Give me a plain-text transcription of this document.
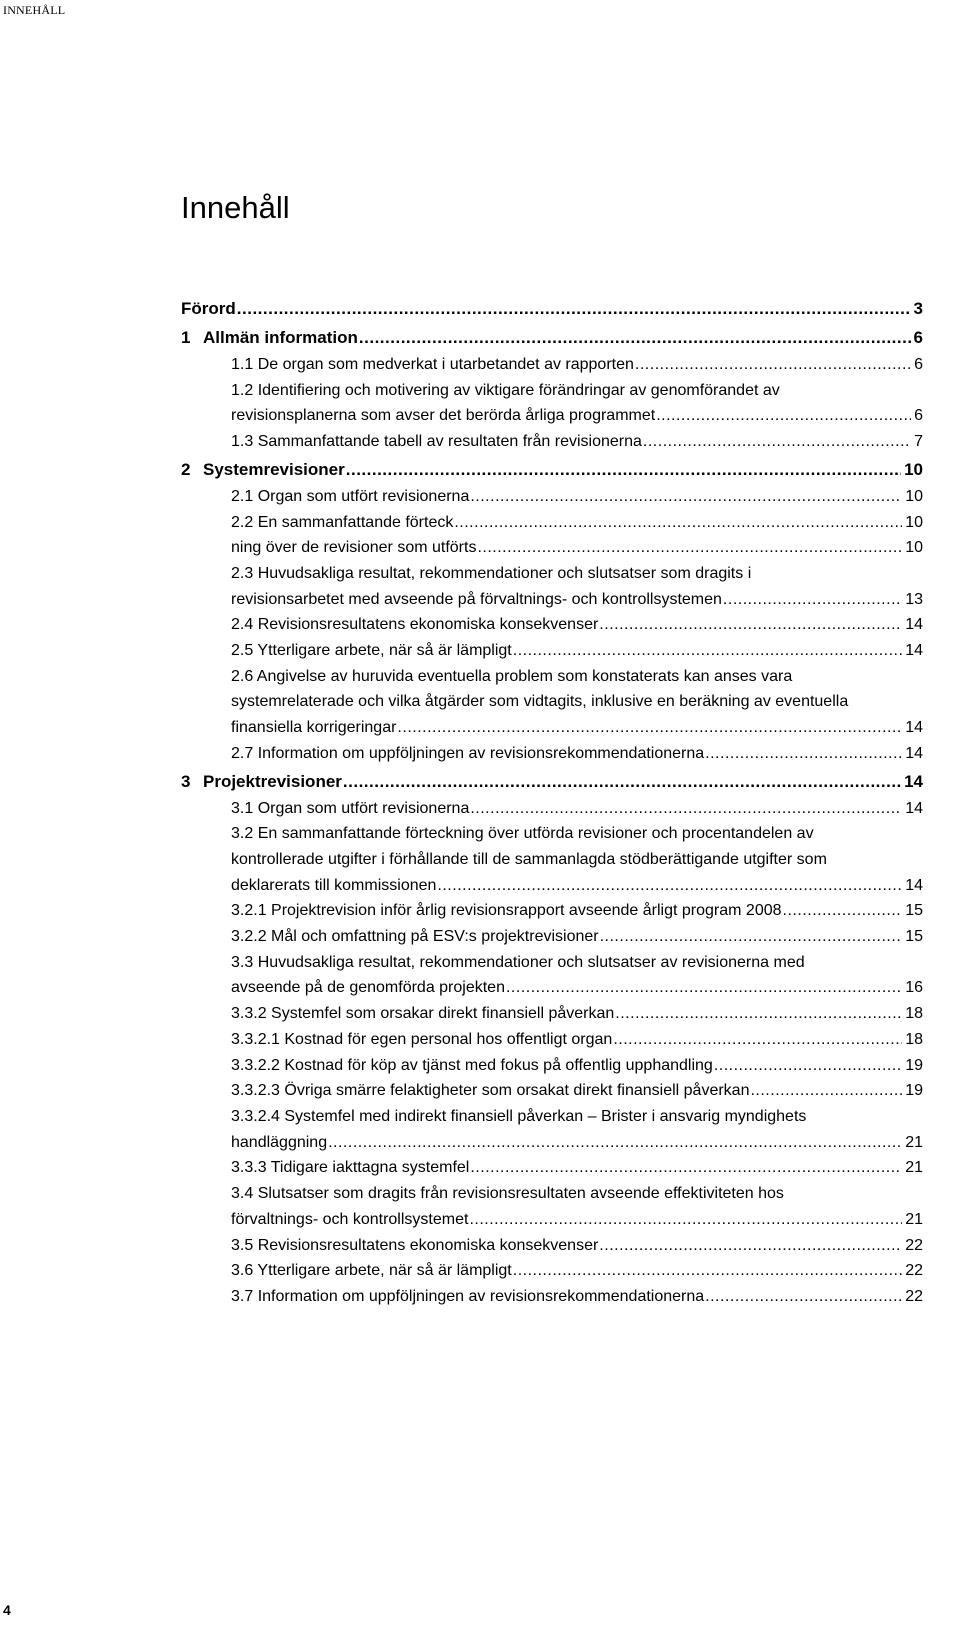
INNEHÅLL
Innehåll
Förord .....	3
1 Allmän information .....	6
1.1 De organ som medverkat i utarbetandet av rapporten .....	6
1.2 Identifiering och motivering av viktigare förändringar av genomförandet av
revisionsplanerna som avser det berörda årliga programmet .....	6
1.3 Sammanfattande tabell av resultaten från revisionerna .....	7
2 Systemrevisioner .....	10
2.1 Organ som utfört revisionerna .....	10
2.2 En sammanfattande förteck .....	10
ning över de revisioner som utförts .....	10
2.3 Huvudsakliga resultat, rekommendationer och slutsatser som dragits i
revisionsarbetet med avseende på förvaltnings- och kontrollsystemen .....	13
2.4 Revisionsresultatens ekonomiska konsekvenser .....	14
2.5 Ytterligare arbete, när så är lämpligt .....	14
2.6 Angivelse av huruvida eventuella problem som konstaterats kan anses vara
systemrelaterade och vilka åtgärder som vidtagits, inklusive en beräkning av eventuella
finansiella korrigeringar .....	14
2.7 Information om uppföljningen av revisionsrekommendationerna .....	14
3 Projektrevisioner .....	14
3.1 Organ som utfört revisionerna .....	14
3.2 En sammanfattande förteckning över utförda revisioner och procentandelen av
kontrollerade utgifter i förhållande till de sammanlagda stödberättigande utgifter som
deklarerats till kommissionen .....	14
3.2.1 Projektrevision inför årlig revisionsrapport avseende årligt program 2008 .....	15
3.2.2 Mål och omfattning på ESV:s projektrevisioner .....	15
3.3 Huvudsakliga resultat, rekommendationer och slutsatser av revisionerna med
avseende på de genomförda projekten .....	16
3.3.2 Systemfel som orsakar direkt finansiell påverkan .....	18
3.3.2.1 Kostnad för egen personal hos offentligt organ .....	18
3.3.2.2 Kostnad för köp av tjänst med fokus på offentlig upphandling .....	19
3.3.2.3 Övriga smärre felaktigheter som orsakat direkt finansiell påverkan .....	19
3.3.2.4 Systemfel med indirekt finansiell påverkan – Brister i ansvarig myndighets
handläggning .....	21
3.3.3 Tidigare iakttagna systemfel .....	21
3.4 Slutsatser som dragits från revisionsresultaten avseende effektiviteten hos
förvaltnings- och kontrollsystemet .....	21
3.5 Revisionsresultatens ekonomiska konsekvenser .....	22
3.6 Ytterligare arbete, när så är lämpligt .....	22
3.7 Information om uppföljningen av revisionsrekommendationerna .....	22
4
